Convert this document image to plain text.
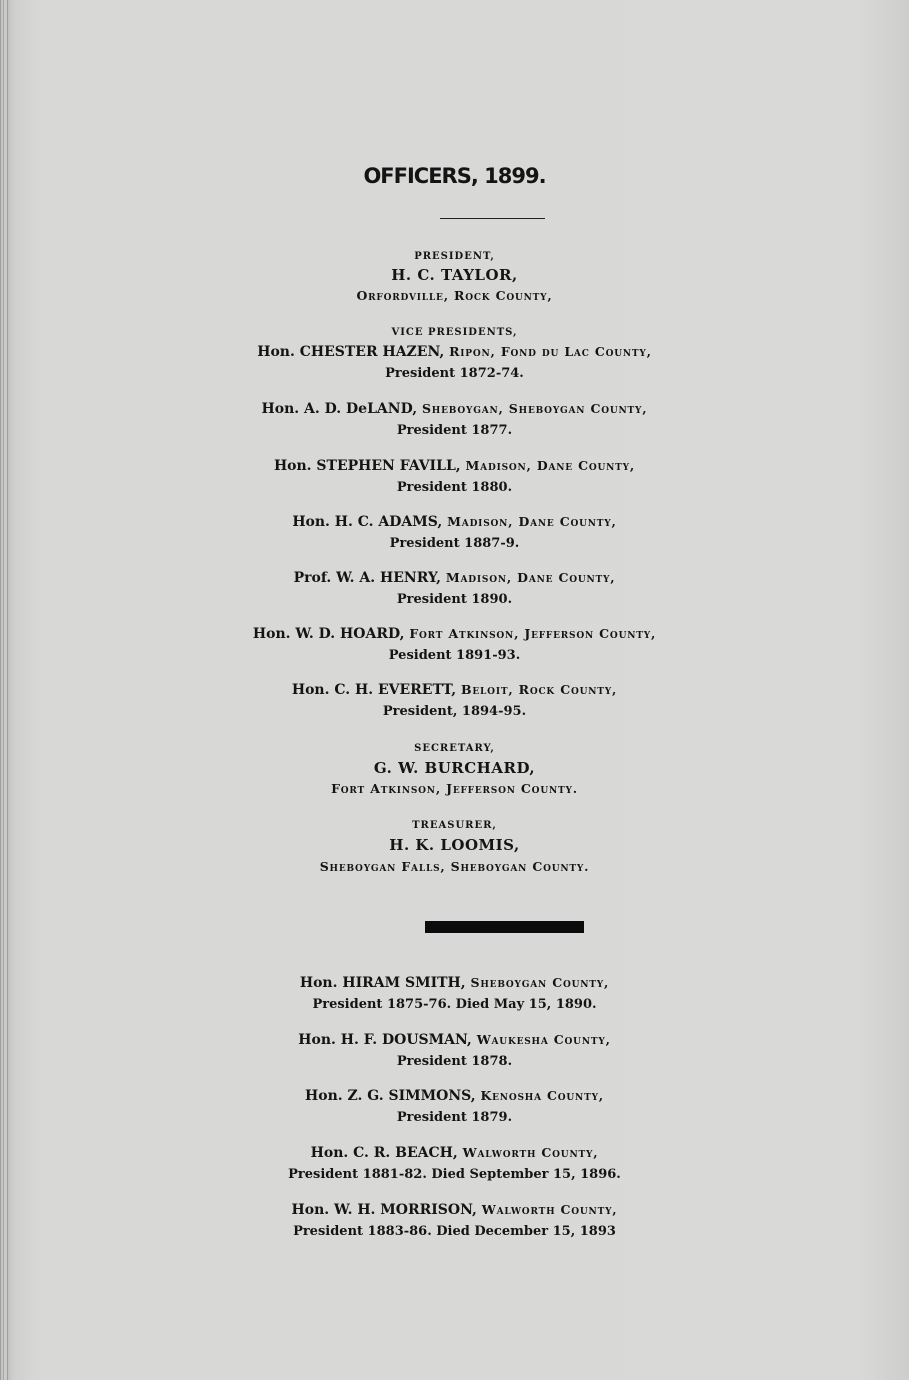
OFFICERS, 1899.
PRESIDENT,
H. C. TAYLOR,
Orfordville, Rock County,
VICE PRESIDENTS,
Hon. CHESTER HAZEN, Ripon, Fond du Lac County,
President 1872-74.
Hon. A. D. DeLAND, Sheboygan, Sheboygan County,
President 1877.
Hon. STEPHEN FAVILL, Madison, Dane County,
President 1880.
Hon. H. C. ADAMS, Madison, Dane County,
President 1887-9.
Prof. W. A. HENRY, Madison, Dane County,
President 1890.
Hon. W. D. HOARD, Fort Atkinson, Jefferson County,
Pesident 1891-93.
Hon. C. H. EVERETT, Beloit, Rock County,
President, 1894-95.
SECRETARY,
G. W. BURCHARD,
Fort Atkinson, Jefferson County.
TREASURER,
H. K. LOOMIS,
Sheboygan Falls, Sheboygan County.
Hon. HIRAM SMITH, Sheboygan County,
President 1875-76. Died May 15, 1890.
Hon. H. F. DOUSMAN, Waukesha County,
President 1878.
Hon. Z. G. SIMMONS, Kenosha County,
President 1879.
Hon. C. R. BEACH, Walworth County,
President 1881-82. Died September 15, 1896.
Hon. W. H. MORRISON, Walworth County,
President 1883-86. Died December 15, 1893
